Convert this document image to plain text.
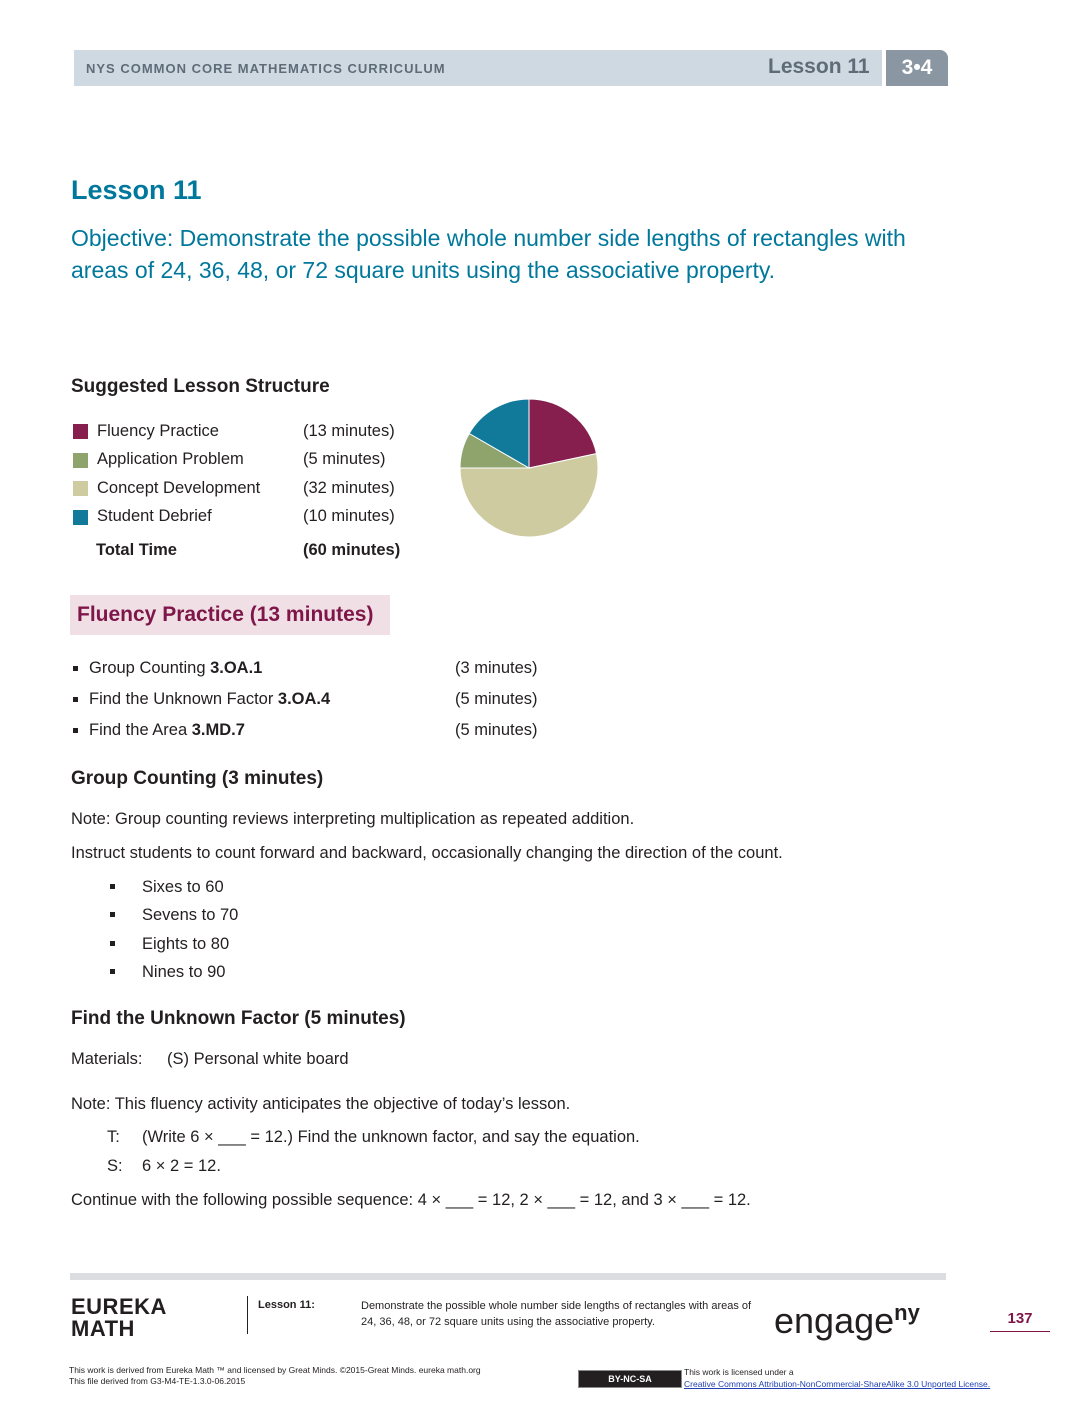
NYS COMMON CORE MATHEMATICS CURRICULUM	Lesson 11	3•4
Lesson 11
Objective: Demonstrate the possible whole number side lengths of rectangles with areas of 24, 36, 48, or 72 square units using the associative property.
Suggested Lesson Structure
Fluency Practice	(13 minutes)
Application Problem	(5 minutes)
Concept Development	(32 minutes)
Student Debrief	(10 minutes)
Total Time	(60 minutes)
Fluency Practice (13 minutes)
Group Counting 3.OA.1	(3 minutes)
Find the Unknown Factor 3.OA.4	(5 minutes)
Find the Area 3.MD.7	(5 minutes)
Group Counting (3 minutes)
Note: Group counting reviews interpreting multiplication as repeated addition.
Instruct students to count forward and backward, occasionally changing the direction of the count.
Sixes to 60
Sevens to 70
Eights to 80
Nines to 90
Find the Unknown Factor (5 minutes)
Materials: (S) Personal white board
Note: This fluency activity anticipates the objective of today’s lesson.
T: (Write 6 × ___ = 12.) Find the unknown factor, and say the equation.
S: 6 × 2 = 12.
Continue with the following possible sequence: 4 × ___ = 12, 2 × ___ = 12, and 3 × ___ = 12.
EUREKA
MATH
Lesson 11:	Demonstrate the possible whole number side lengths of rectangles with areas of 24, 36, 48, or 72 square units using the associative property.	engage$^{ny}$	137
This work is derived from Eureka Math ™ and licensed by Great Minds. ©2015-Great Minds. eureka math.org
This file derived from G3-M4-TE-1.3.0-06.2015	BY-NC-SA
This work is licensed under a
Creative Commons Attribution-NonCommercial-ShareAlike 3.0 Unported License.
